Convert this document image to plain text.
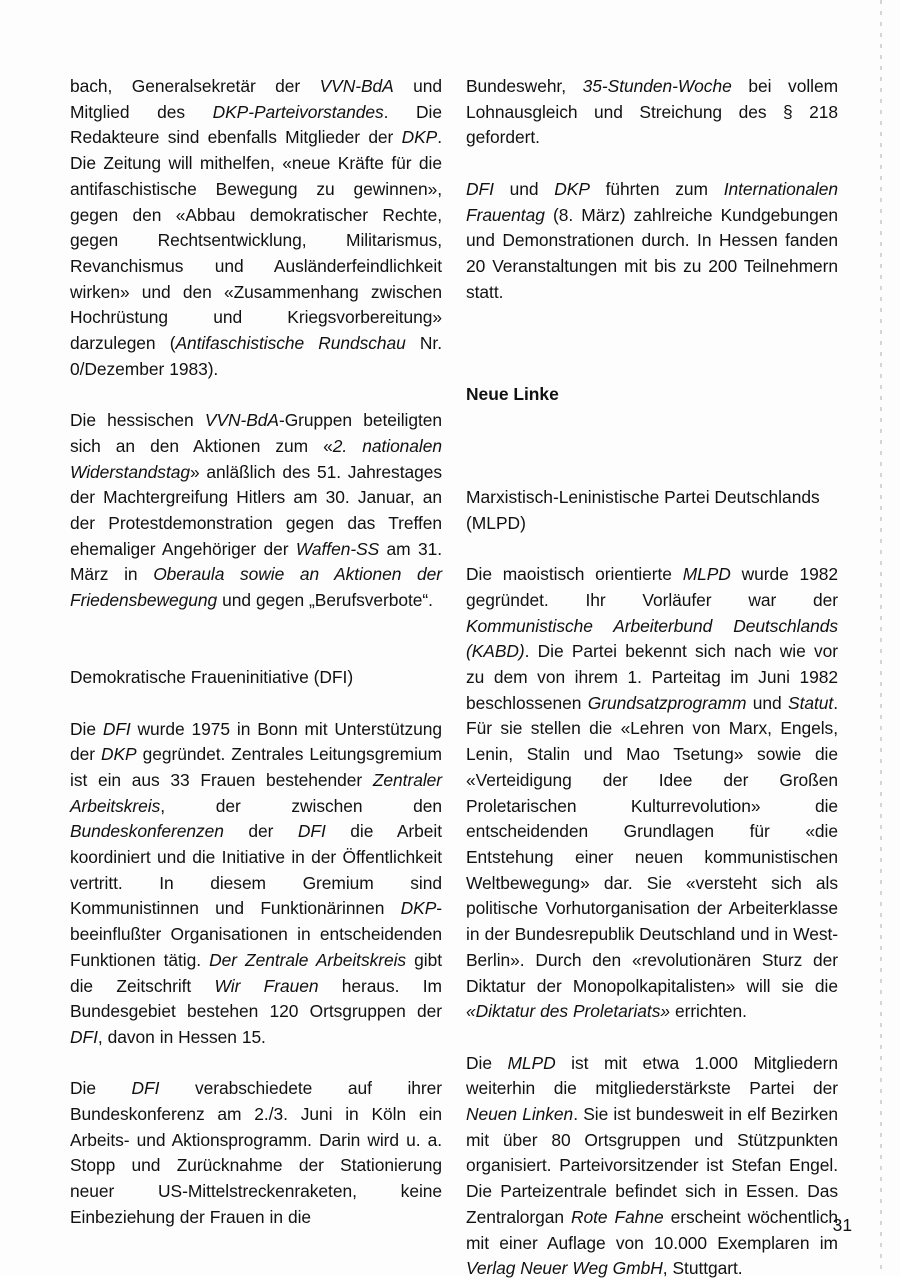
bach, Generalsekretär der VVN-BdA und Mitglied des DKP-Parteivorstandes. Die Redakteure sind ebenfalls Mitglieder der DKP. Die Zeitung will mithelfen, «neue Kräfte für die antifaschistische Bewegung zu gewinnen», gegen den «Abbau demokratischer Rechte, gegen Rechtsentwicklung, Militarismus, Revanchismus und Ausländerfeindlichkeit wirken» und den «Zusammenhang zwischen Hochrüstung und Kriegsvorbereitung» darzulegen (Antifaschistische Rundschau Nr. 0/Dezember 1983).

Die hessischen VVN-BdA-Gruppen beteiligten sich an den Aktionen zum «2. nationalen Widerstandstag» anläßlich des 51. Jahrestages der Machtergreifung Hitlers am 30. Januar, an der Protestdemonstration gegen das Treffen ehemaliger Angehöriger der Waffen-SS am 31. März in Oberaula sowie an Aktionen der Friedensbewegung und gegen „Berufsverbote“.

Demokratische Fraueninitiative (DFI)

Die DFI wurde 1975 in Bonn mit Unterstützung der DKP gegründet. Zentrales Leitungsgremium ist ein aus 33 Frauen bestehender Zentraler Arbeitskreis, der zwischen den Bundeskonferenzen der DFI die Arbeit koordiniert und die Initiative in der Öffentlichkeit vertritt. In diesem Gremium sind Kommunistinnen und Funktionärinnen DKP-beeinflußter Organisationen in entscheidenden Funktionen tätig. Der Zentrale Arbeitskreis gibt die Zeitschrift Wir Frauen heraus. Im Bundesgebiet bestehen 120 Ortsgruppen der DFI, davon in Hessen 15.

Die DFI verabschiedete auf ihrer Bundeskonferenz am 2./3. Juni in Köln ein Arbeits- und Aktionsprogramm. Darin wird u. a. Stopp und Zurücknahme der Stationierung neuer US-Mittelstreckenraketen, keine Einbeziehung der Frauen in die

Bundeswehr, 35-Stunden-Woche bei vollem Lohnausgleich und Streichung des § 218 gefordert.

DFI und DKP führten zum Internationalen Frauentag (8. März) zahlreiche Kundgebungen und Demonstrationen durch. In Hessen fanden 20 Veranstaltungen mit bis zu 200 Teilnehmern statt.

Neue Linke
Marxistisch-Leninistische Partei Deutschlands (MLPD)

Die maoistisch orientierte MLPD wurde 1982 gegründet. Ihr Vorläufer war der Kommunistische Arbeiterbund Deutschlands (KABD). Die Partei bekennt sich nach wie vor zu dem von ihrem 1. Parteitag im Juni 1982 beschlossenen Grundsatzprogramm und Statut. Für sie stellen die «Lehren von Marx, Engels, Lenin, Stalin und Mao Tsetung» sowie die «Verteidigung der Idee der Großen Proletarischen Kulturrevolution» die entscheidenden Grundlagen für «die Entstehung einer neuen kommunistischen Weltbewegung» dar. Sie «versteht sich als politische Vorhutorganisation der Arbeiterklasse in der Bundesrepublik Deutschland und in West-Berlin». Durch den «revolutionären Sturz der Diktatur der Monopolkapitalisten» will sie die «Diktatur des Proletariats» errichten.

Die MLPD ist mit etwa 1.000 Mitgliedern weiterhin die mitgliederstärkste Partei der Neuen Linken. Sie ist bundesweit in elf Bezirken mit über 80 Ortsgruppen und Stützpunkten organisiert. Parteivorsitzender ist Stefan Engel. Die Parteizentrale befindet sich in Essen. Das Zentralorgan Rote Fahne erscheint wöchentlich mit einer Auflage von 10.000 Exemplaren im Verlag Neuer Weg GmbH, Stuttgart.

31
